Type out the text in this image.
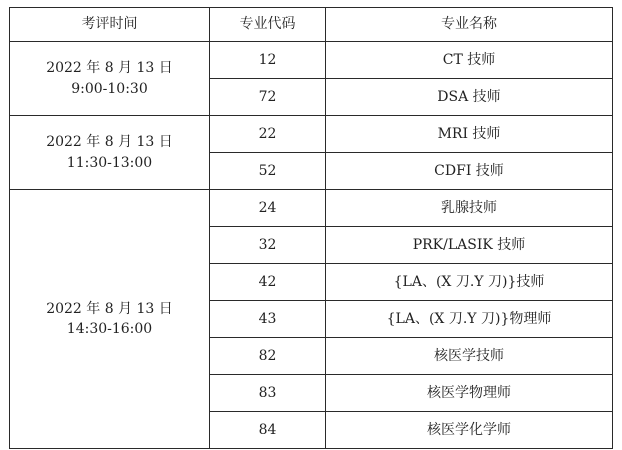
考评时间	专业代码	专业名称

2022 年 8 月 13 日
9:00-10:30	12	CT 技师
	72	DSA 技师

2022 年 8 月 13 日
11:30-13:00	22	MRI 技师
	52	CDFI 技师

2022 年 8 月 13 日
14:30-16:00	24	乳腺技师
	32	PRK/LASIK 技师
	42	{LA、(X 刀.Y 刀)}技师
	43	{LA、(X 刀.Y 刀)}物理师
	82	核医学技师
	83	核医学物理师
	84	核医学化学师
